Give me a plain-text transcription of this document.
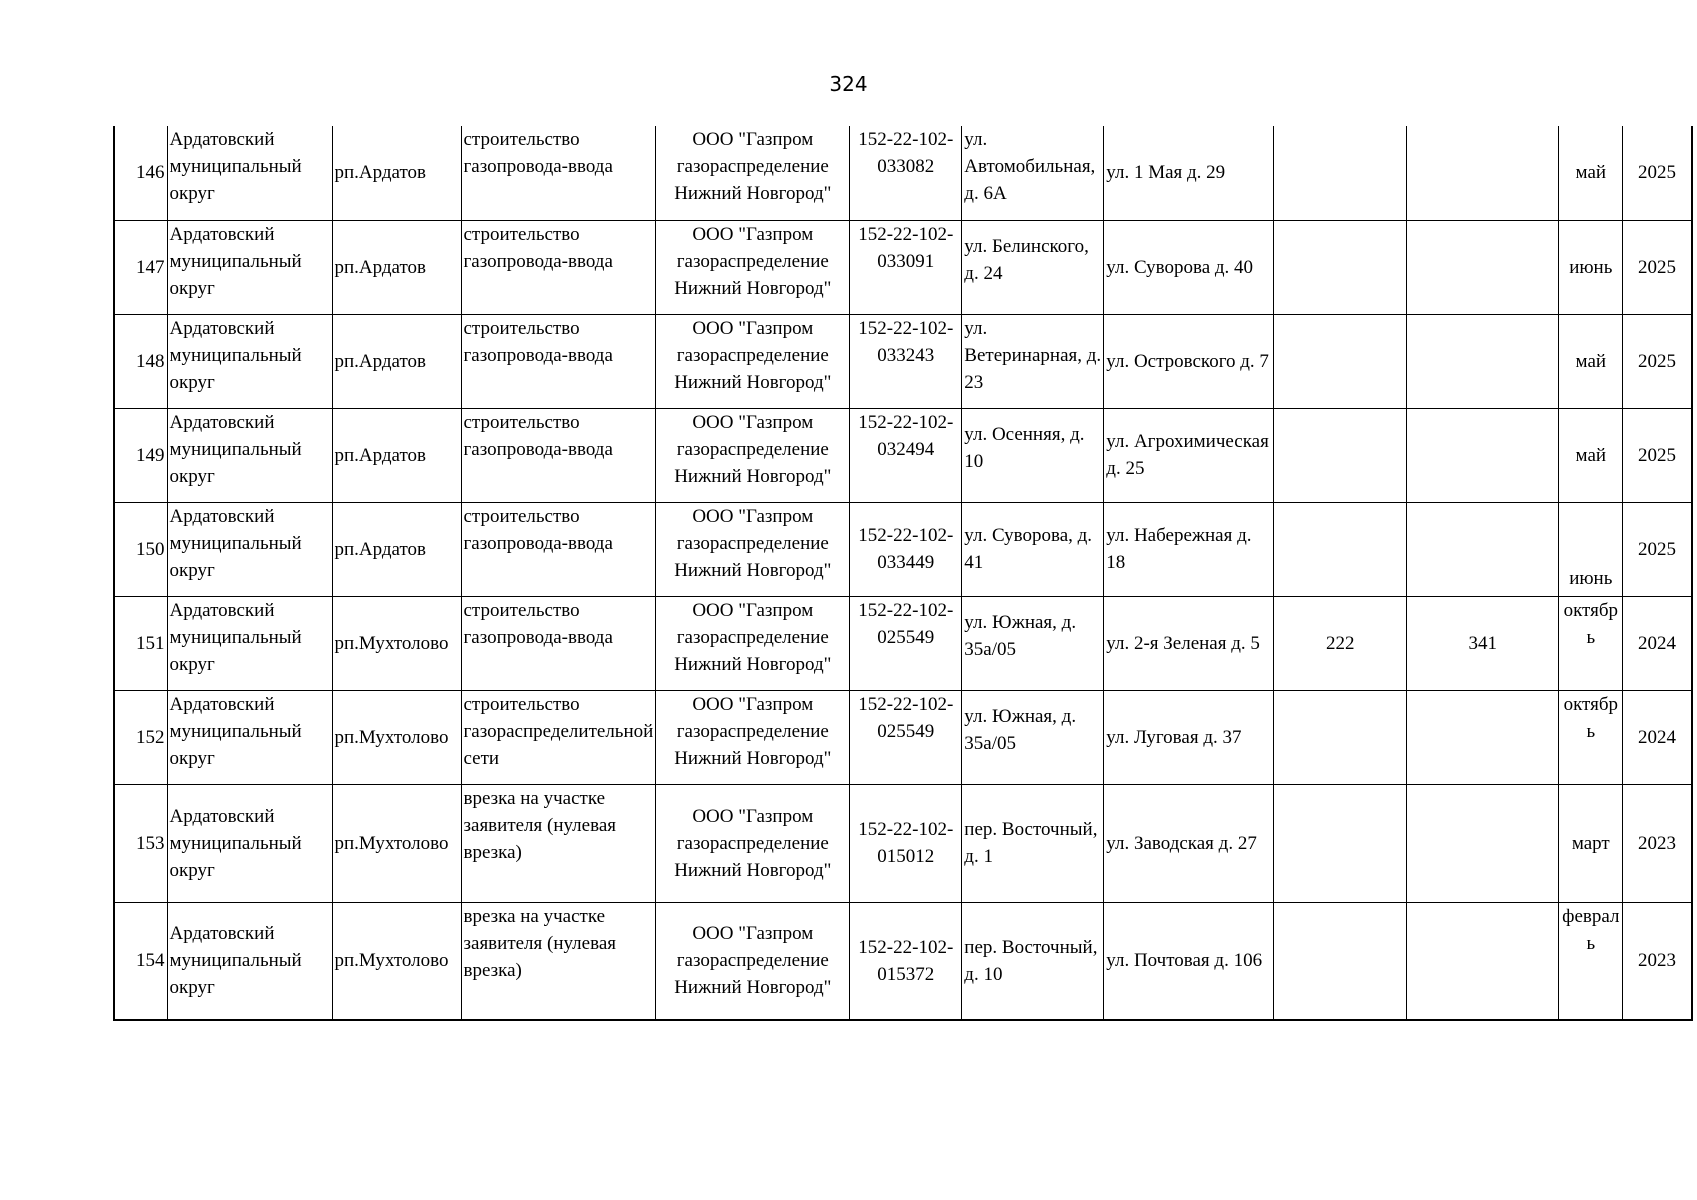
324
146	Ардатовский муниципальный округ	рп.Ардатов	строительство газопровода-ввода	ООО "Газпром газораспределение Нижний Новгород"	152-22-102-033082	ул. Автомобильная, д. 6А	ул. 1 Мая д. 29			май	2025
147	Ардатовский муниципальный округ	рп.Ардатов	строительство газопровода-ввода	ООО "Газпром газораспределение Нижний Новгород"	152-22-102-033091	ул. Белинского, д. 24	ул. Суворова д. 40			июнь	2025
148	Ардатовский муниципальный округ	рп.Ардатов	строительство газопровода-ввода	ООО "Газпром газораспределение Нижний Новгород"	152-22-102-033243	ул. Ветеринарная, д. 23	ул. Островского д. 7			май	2025
149	Ардатовский муниципальный округ	рп.Ардатов	строительство газопровода-ввода	ООО "Газпром газораспределение Нижний Новгород"	152-22-102-032494	ул. Осенняя, д. 10	ул. Агрохимическая д. 25			май	2025
150	Ардатовский муниципальный округ	рп.Ардатов	строительство газопровода-ввода	ООО "Газпром газораспределение Нижний Новгород"	152-22-102-033449	ул. Суворова, д. 41	ул. Набережная д. 18			июнь	2025
151	Ардатовский муниципальный округ	рп.Мухтолово	строительство газопровода-ввода	ООО "Газпром газораспределение Нижний Новгород"	152-22-102-025549	ул. Южная, д. 35а/05	ул. 2-я Зеленая д. 5	222	341	октябрь	2024
152	Ардатовский муниципальный округ	рп.Мухтолово	строительство газораспределительной сети	ООО "Газпром газораспределение Нижний Новгород"	152-22-102-025549	ул. Южная, д. 35а/05	ул. Луговая д. 37			октябрь	2024
153	Ардатовский муниципальный округ	рп.Мухтолово	врезка на участке заявителя (нулевая врезка)	ООО "Газпром газораспределение Нижний Новгород"	152-22-102-015012	пер. Восточный, д. 1	ул. Заводская д. 27			март	2023
154	Ардатовский муниципальный округ	рп.Мухтолово	врезка на участке заявителя (нулевая врезка)	ООО "Газпром газораспределение Нижний Новгород"	152-22-102-015372	пер. Восточный, д. 10	ул. Почтовая д. 106			февраль	2023
